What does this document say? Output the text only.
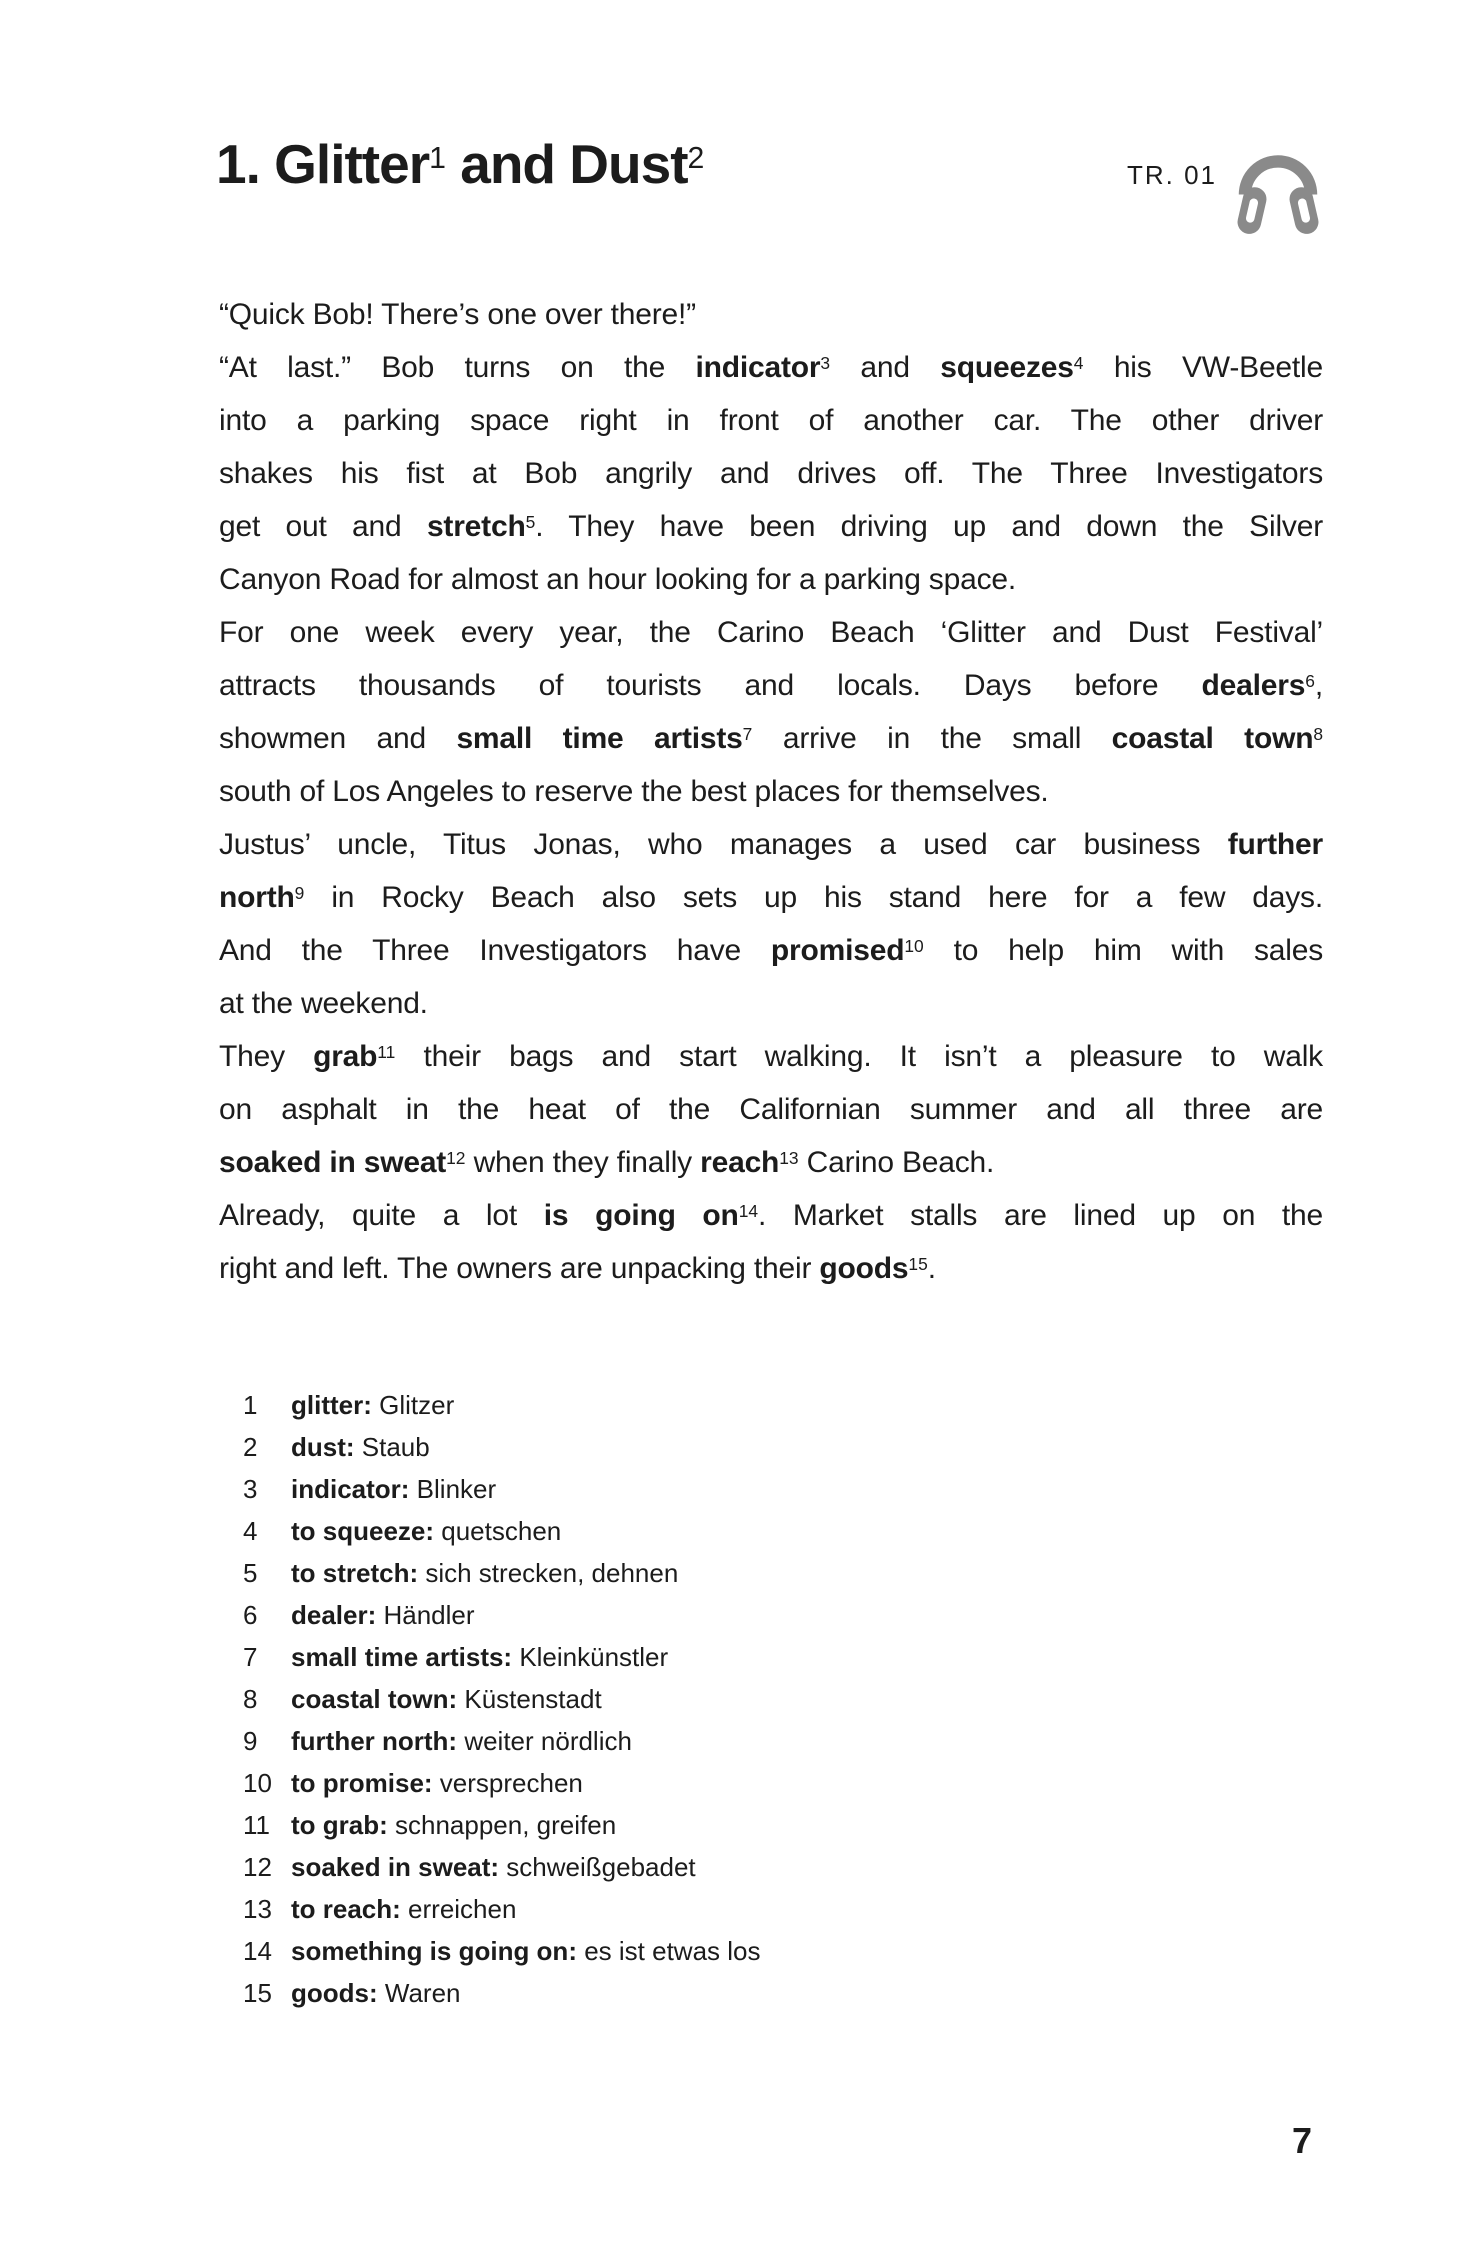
1. Glitter$^1$ and Dust$^2$
TR. 01
“Quick Bob! There’s one over there!”
“At last.” Bob turns on the indicator$^3$ and squeezes$^4$ his VW-Beetle
into a parking space right in front of another car. The other driver
shakes his fist at Bob angrily and drives off. The Three Investigators
get out and stretch$^5$. They have been driving up and down the Silver
Canyon Road for almost an hour looking for a parking space.
For one week every year, the Carino Beach ‘Glitter and Dust Festival’
attracts thousands of tourists and locals. Days before dealers$^6$,
showmen and small time artists$^7$ arrive in the small coastal town$^8$
south of Los Angeles to reserve the best places for themselves.
Justus’ uncle, Titus Jonas, who manages a used car business further
north$^9$ in Rocky Beach also sets up his stand here for a few days.
And the Three Investigators have promised$^{10}$ to help him with sales
at the weekend.
They grab$^{11}$ their bags and start walking. It isn’t a pleasure to walk
on asphalt in the heat of the Californian summer and all three are
soaked in sweat$^{12}$ when they finally reach$^{13}$ Carino Beach.
Already, quite a lot is going on$^{14}$. Market stalls are lined up on the
right and left. The owners are unpacking their goods$^{15}$.
1 glitter: Glitzer
2 dust: Staub
3 indicator: Blinker
4 to squeeze: quetschen
5 to stretch: sich strecken, dehnen
6 dealer: Händler
7 small time artists: Kleinkünstler
8 coastal town: Küstenstadt
9 further north: weiter nördlich
10 to promise: versprechen
11 to grab: schnappen, greifen
12 soaked in sweat: schweißgebadet
13 to reach: erreichen
14 something is going on: es ist etwas los
15 goods: Waren
7
